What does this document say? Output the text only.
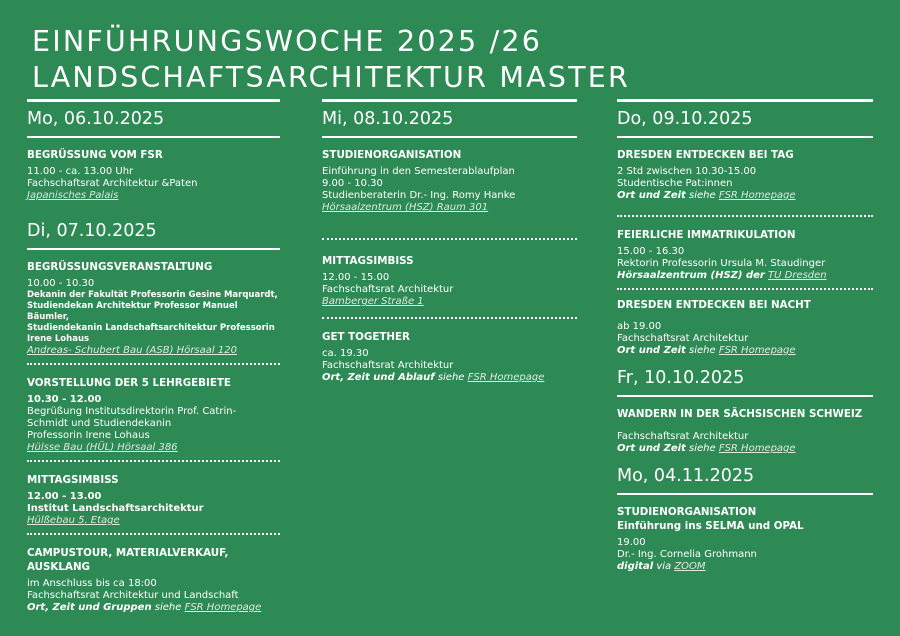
EINFÜHRUNGSWOCHE 2025 /26
LANDSCHAFTSARCHITEKTUR MASTER
Mo, 06.10.2025
BEGRÜSSUNG VOM FSR
11.00 - ca. 13.00 Uhr
Fachschaftsrat Architektur &Paten
Japanisches Palais
Di, 07.10.2025
BEGRÜSSUNGSVERANSTALTUNG
10.00 - 10.30
Dekanin der Fakultät Professorin Gesine Marquardt,
Studiendekan Architektur Professor Manuel Bäumler,
Studiendekanin Landschaftsarchitektur Professorin
Irene Lohaus
Andreas- Schubert Bau (ASB) Hörsaal 120
VORSTELLUNG DER 5 LEHRGEBIETE
10.30 - 12.00
Begrüßung Institutsdirektorin Prof. Catrin-
Schmidt und Studiendekanin
Professorin Irene Lohaus
Hülsse Bau (HÜL) Hörsaal 386
MITTAGSIMBISS
12.00 - 13.00
Institut Landschaftsarchitektur
Hülßebau 5. Etage
CAMPUSTOUR, MATERIALVERKAUF, AUSKLANG
im Anschluss bis ca 18:00
Fachschaftsrat Architektur und Landschaft
Ort, Zeit und Gruppen siehe FSR Homepage
Mi, 08.10.2025
STUDIENORGANISATION
Einführung in den Semesterablaufplan
9.00 - 10.30
Studienberaterin Dr.- Ing. Romy Hanke
Hörsaalzentrum (HSZ) Raum 301
MITTAGSIMBISS
12.00 - 15.00
Fachschaftsrat Architektur
Bamberger Straße 1
GET TOGETHER
ca. 19.30
Fachschaftsrat Architektur
Ort, Zeit und Ablauf siehe FSR Homepage
Do, 09.10.2025
DRESDEN ENTDECKEN BEI TAG
2 Std zwischen 10.30-15.00
Studentische Pat:innen
Ort und Zeit siehe FSR Homepage
FEIERLICHE IMMATRIKULATION
15.00 - 16.30
Rektorin Professorin Ursula M. Staudinger
Hörsaalzentrum (HSZ) der TU Dresden
DRESDEN ENTDECKEN BEI NACHT
ab 19.00
Fachschaftsrat Architektur
Ort und Zeit siehe FSR Homepage
Fr, 10.10.2025
WANDERN IN DER SÄCHSISCHEN SCHWEIZ
Fachschaftsrat Architektur
Ort und Zeit siehe FSR Homepage
Mo, 04.11.2025
STUDIENORGANISATION
Einführung ins SELMA und OPAL
19.00
Dr.- Ing. Cornelia Grohmann
digital via ZOOM
